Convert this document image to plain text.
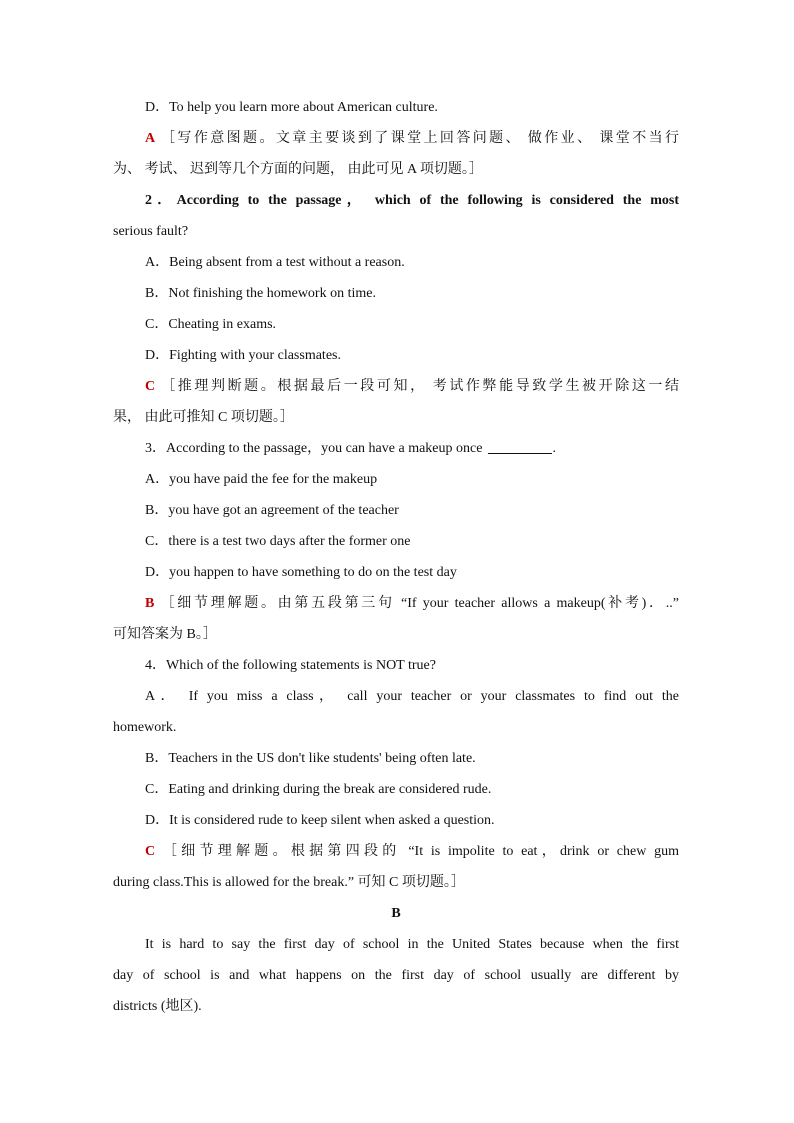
D．To help you learn more about American culture.
A ［写作意图题。文章主要谈到了课堂上回答问题、 做作业、 课堂不当行
为、 考试、 迟到等几个方面的问题， 由此可见 A 项切题。］
2．According to the passage， which of the following is considered the most
serious fault?
A．Being absent from a test without a reason.
B．Not finishing the homework on time.
C．Cheating in exams.
D．Fighting with your classmates.
C ［推理判断题。根据最后一段可知， 考试作弊能导致学生被开除这一结
果， 由此可推知 C 项切题。］
3．According to the passage，you can have a makeup once	.
A．you have paid the fee for the makeup
B．you have got an agreement of the teacher
C．there is a test two days after the former one
D．you happen to have something to do on the test day
B ［细节理解题。由第五段第三句 “If your teacher allows a makeup(补考)．..”
可知答案为 B。］
4．Which of the following statements is NOT true?
A． If you miss a class， call your teacher or your classmates to find out the
homework.
B．Teachers in the US don't like students' being often late.
C．Eating and drinking during the break are considered rude.
D．It is considered rude to keep silent when asked a question.
C ［细节理解题。根据第四段的 “It is impolite to eat，drink or chew gum
during class.This is allowed for the break.” 可知 C 项切题。］
B
It is hard to say the first day of school in the United States because when the first
day of school is and what happens on the first day of school usually are different by
districts (地区).
